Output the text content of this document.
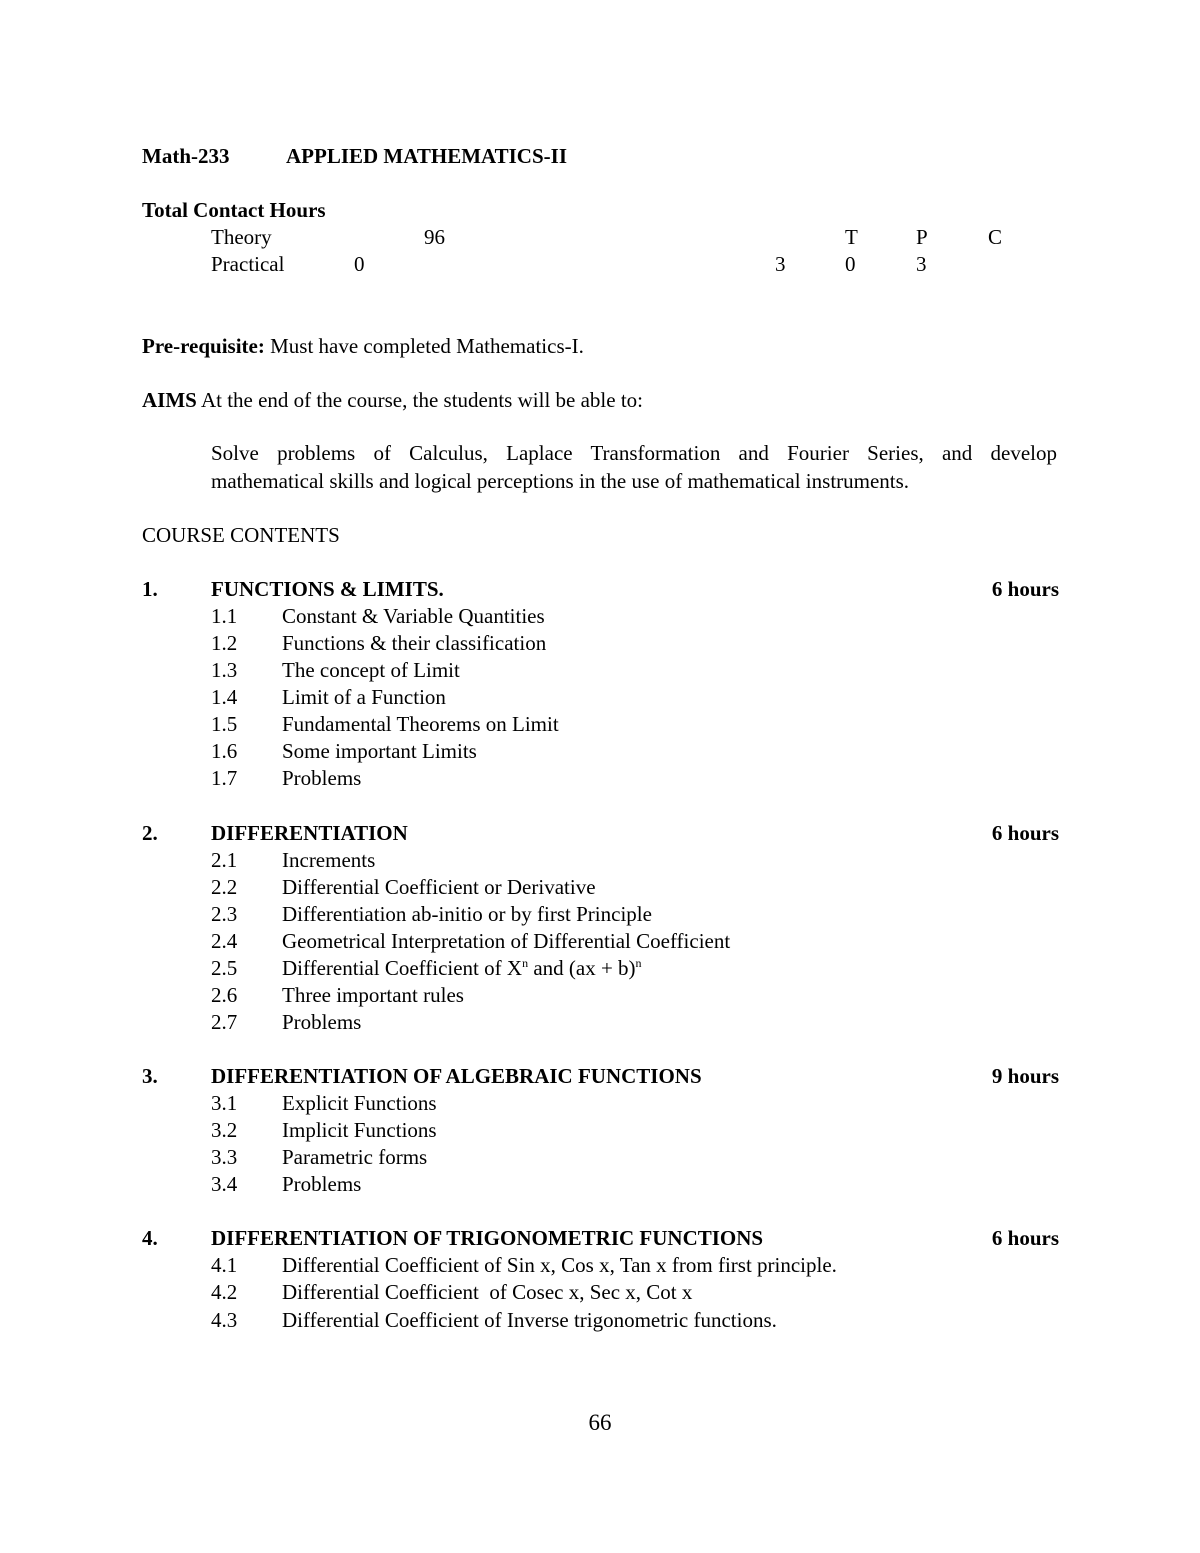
Math-233	APPLIED MATHEMATICS-II
Total Contact Hours
Theory	96	T	P	C
Practical	0	3	0	3
Pre-requisite: Must have completed Mathematics-I.
AIMS At the end of the course, the students will be able to:
Solve problems of Calculus, Laplace Transformation and Fourier Series, and develop
mathematical skills and logical perceptions in the use of mathematical instruments.
COURSE CONTENTS
1.	FUNCTIONS & LIMITS.	6 hours
1.1 Constant & Variable Quantities
1.2 Functions & their classification
1.3 The concept of Limit
1.4 Limit of a Function
1.5 Fundamental Theorems on Limit
1.6 Some important Limits
1.7 Problems
2.	DIFFERENTIATION	6 hours
2.1 Increments
2.2 Differential Coefficient or Derivative
2.3 Differentiation ab-initio or by first Principle
2.4 Geometrical Interpretation of Differential Coefficient
2.5 Differential Coefficient of $X^n$ and (ax + b)$^n$
2.6 Three important rules
2.7 Problems
3.	DIFFERENTIATION OF ALGEBRAIC FUNCTIONS	9 hours
3.1 Explicit Functions
3.2 Implicit Functions
3.3 Parametric forms
3.4 Problems
4.	DIFFERENTIATION OF TRIGONOMETRIC FUNCTIONS	6 hours
4.1 Differential Coefficient of Sin x, Cos x, Tan x from first principle.
4.2 Differential Coefficient  of Cosec x, Sec x, Cot x
4.3 Differential Coefficient of Inverse trigonometric functions.
66
